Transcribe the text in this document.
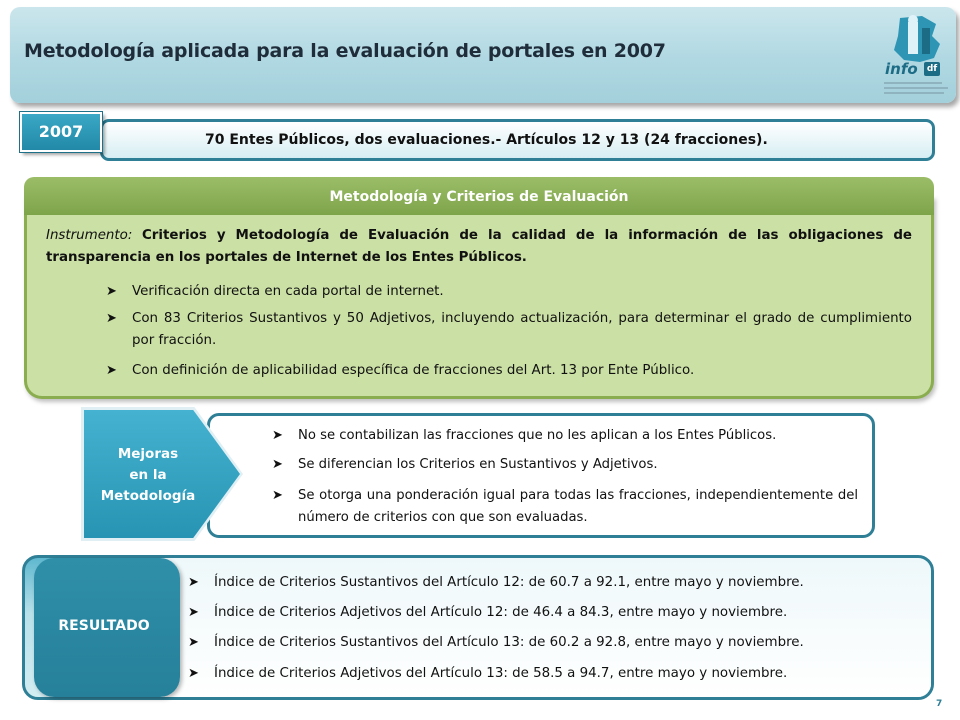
Metodología aplicada para la evaluación de portales en 2007
info	df
70 Entes Públicos, dos evaluaciones.- Artículos 12 y 13 (24 fracciones).
2007
Metodología y Criterios de Evaluación
Instrumento: Criterios y Metodología de Evaluación de la calidad de la información de las obligaciones de transparencia en los portales de Internet de los Entes Públicos.
➤	Verificación directa en cada portal de internet.
➤	Con 83 Criterios Sustantivos y 50 Adjetivos, incluyendo actualización, para determinar el grado de cumplimiento por fracción.
➤	Con definición de aplicabilidad específica de fracciones del Art. 13 por Ente Público.
Mejoras
en la
Metodología
➤	No se contabilizan las fracciones que no les aplican a los Entes Públicos.
➤	Se diferencian los Criterios en Sustantivos y Adjetivos.
➤	Se otorga una ponderación igual para todas las fracciones, independientemente del número de criterios con que son evaluadas.
RESULTADO
➤	Índice de Criterios Sustantivos del Artículo 12: de 60.7 a 92.1, entre mayo y noviembre.
➤	Índice de Criterios Adjetivos del Artículo 12: de 46.4 a 84.3, entre mayo y noviembre.
➤	Índice de Criterios Sustantivos del Artículo 13: de 60.2 a 92.8, entre mayo y noviembre.
➤	Índice de Criterios Adjetivos del Artículo 13: de 58.5 a 94.7, entre mayo y noviembre.
7
